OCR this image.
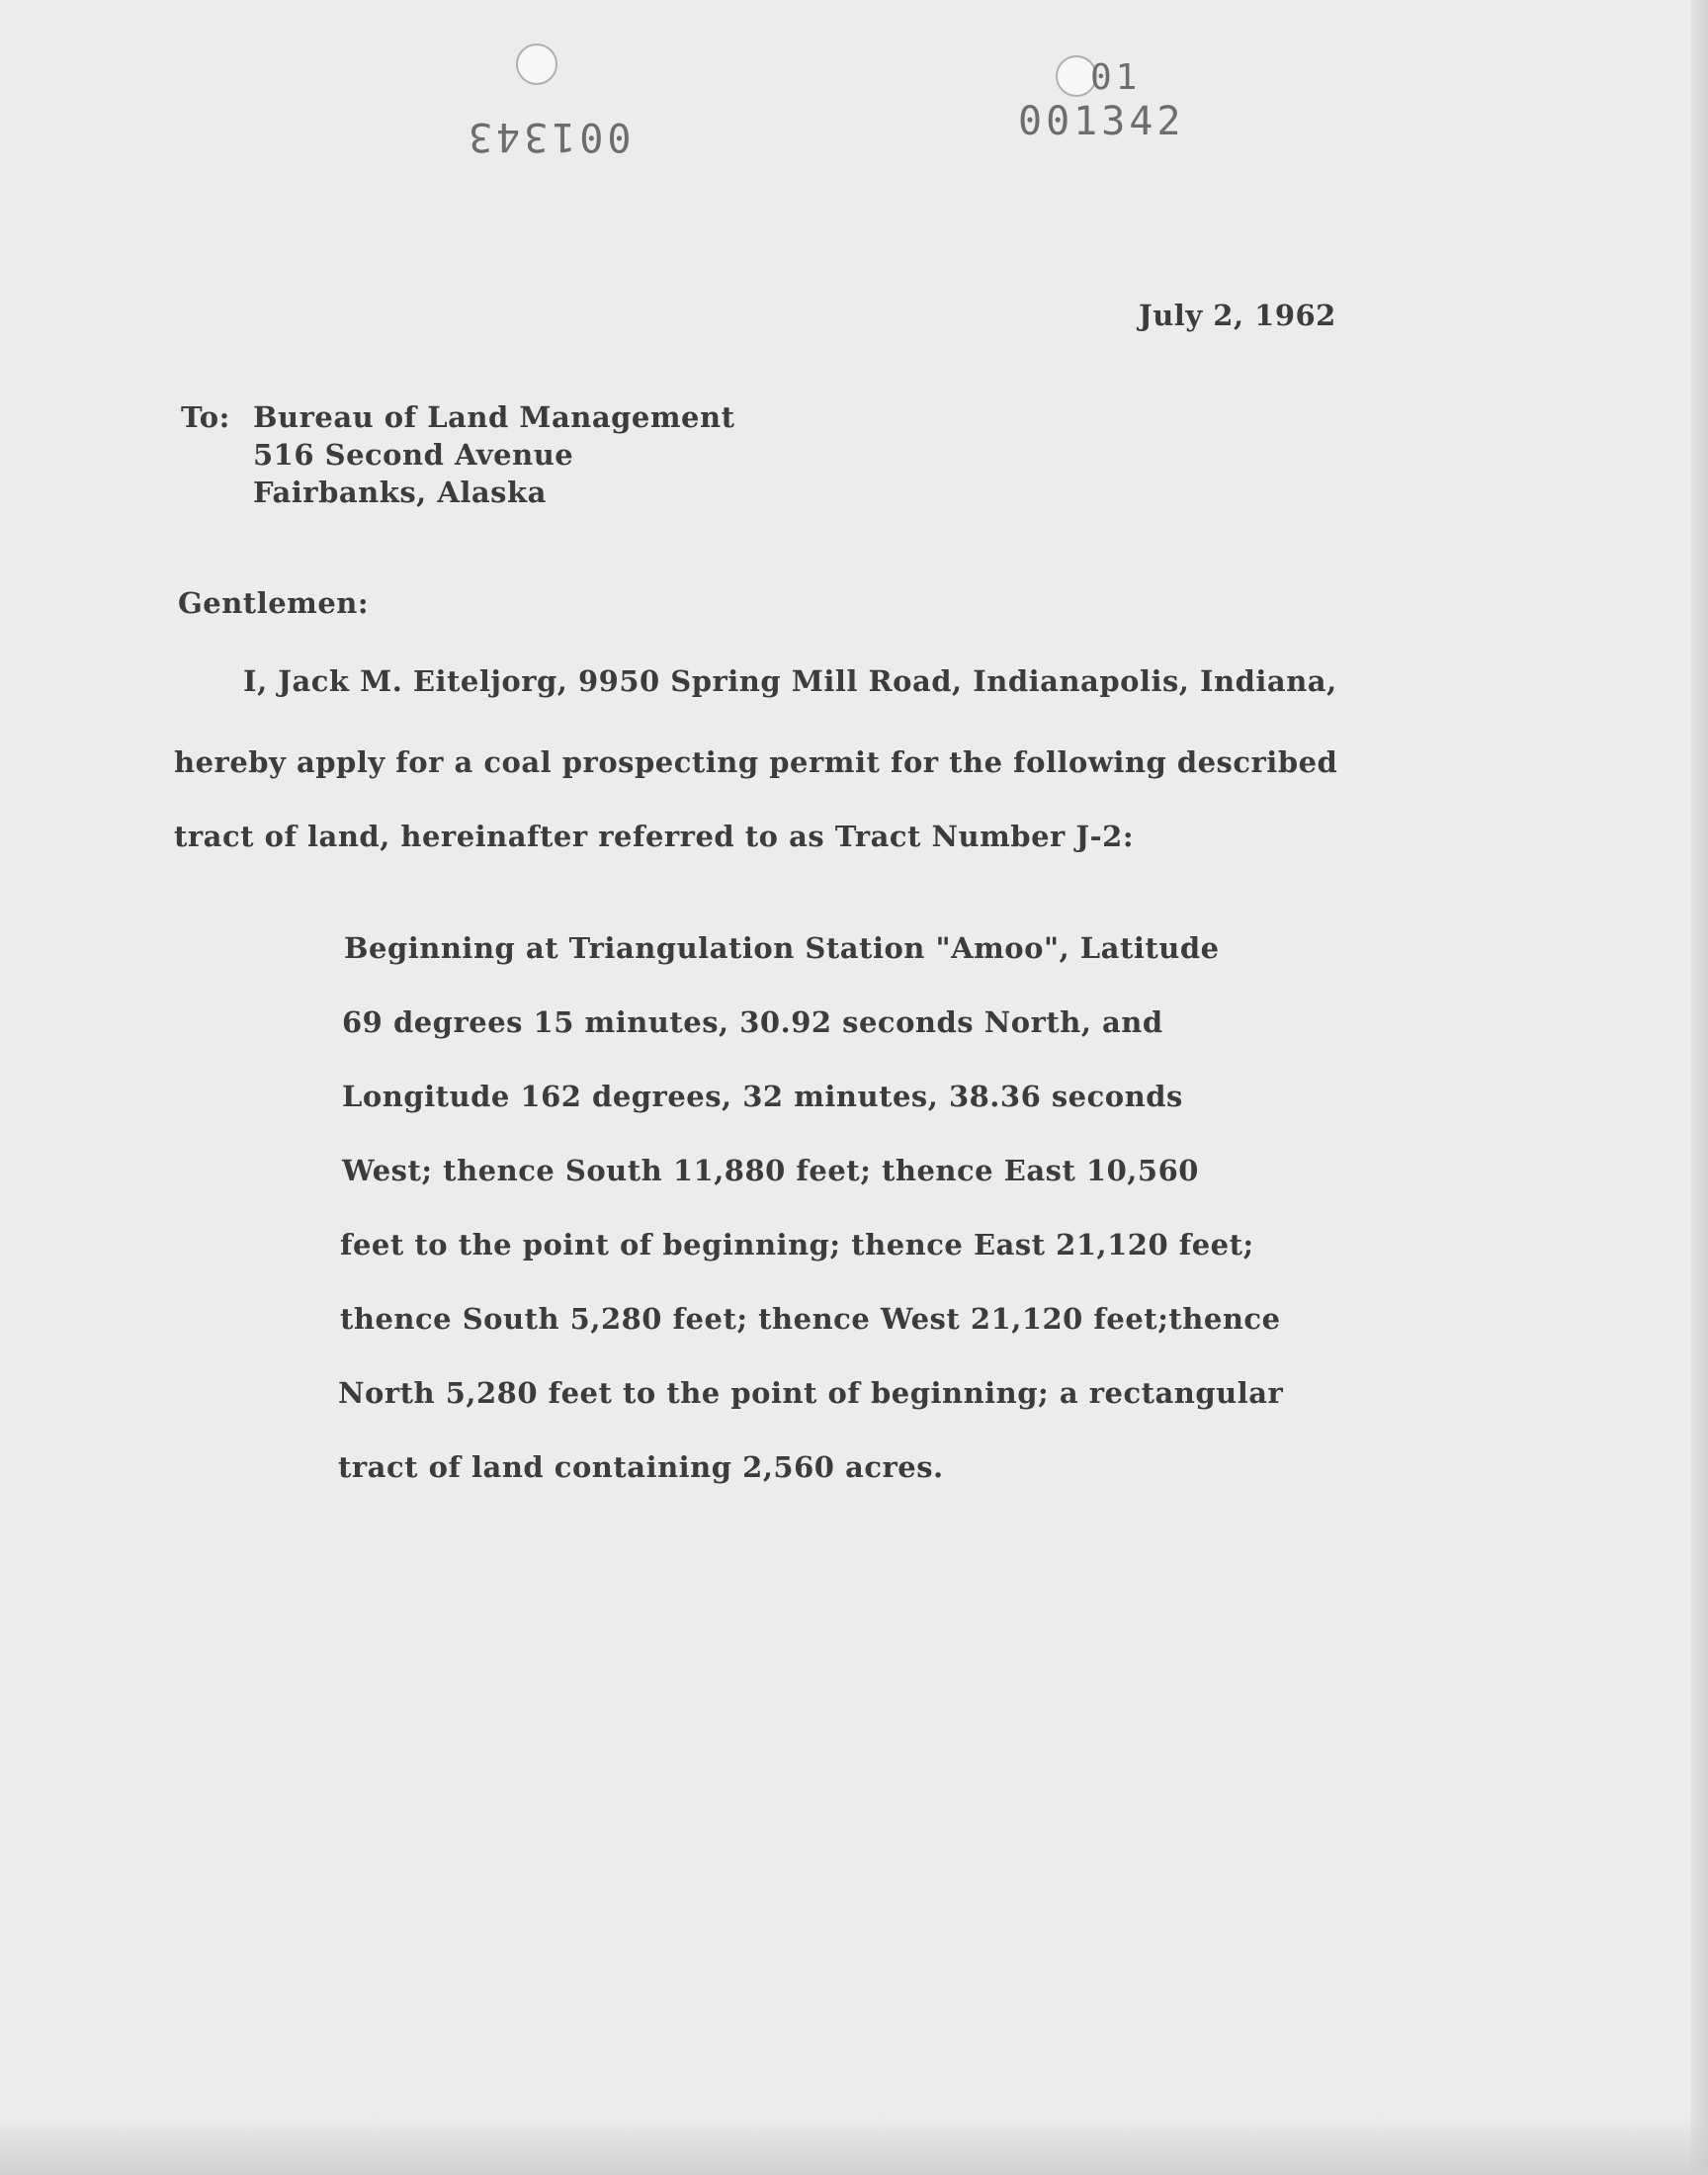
00134З
01
001342
July 2, 1962
To: Bureau of Land Management
516 Second Avenue
Fairbanks, Alaska
Gentlemen:
I, Jack M. Eiteljorg, 9950 Spring Mill Road, Indianapolis, Indiana,
hereby apply for a coal prospecting permit for the following described
tract of land, hereinafter referred to as Tract Number J-2:
Beginning at Triangulation Station "Amoo", Latitude
69 degrees 15 minutes, 30.92 seconds North, and
Longitude 162 degrees, 32 minutes, 38.36 seconds
West; thence South 11,880 feet; thence East 10,560
feet to the point of beginning; thence East 21,120 feet;
thence South 5,280 feet; thence West 21,120 feet;thence
North 5,280 feet to the point of beginning; a rectangular
tract of land containing 2,560 acres.
